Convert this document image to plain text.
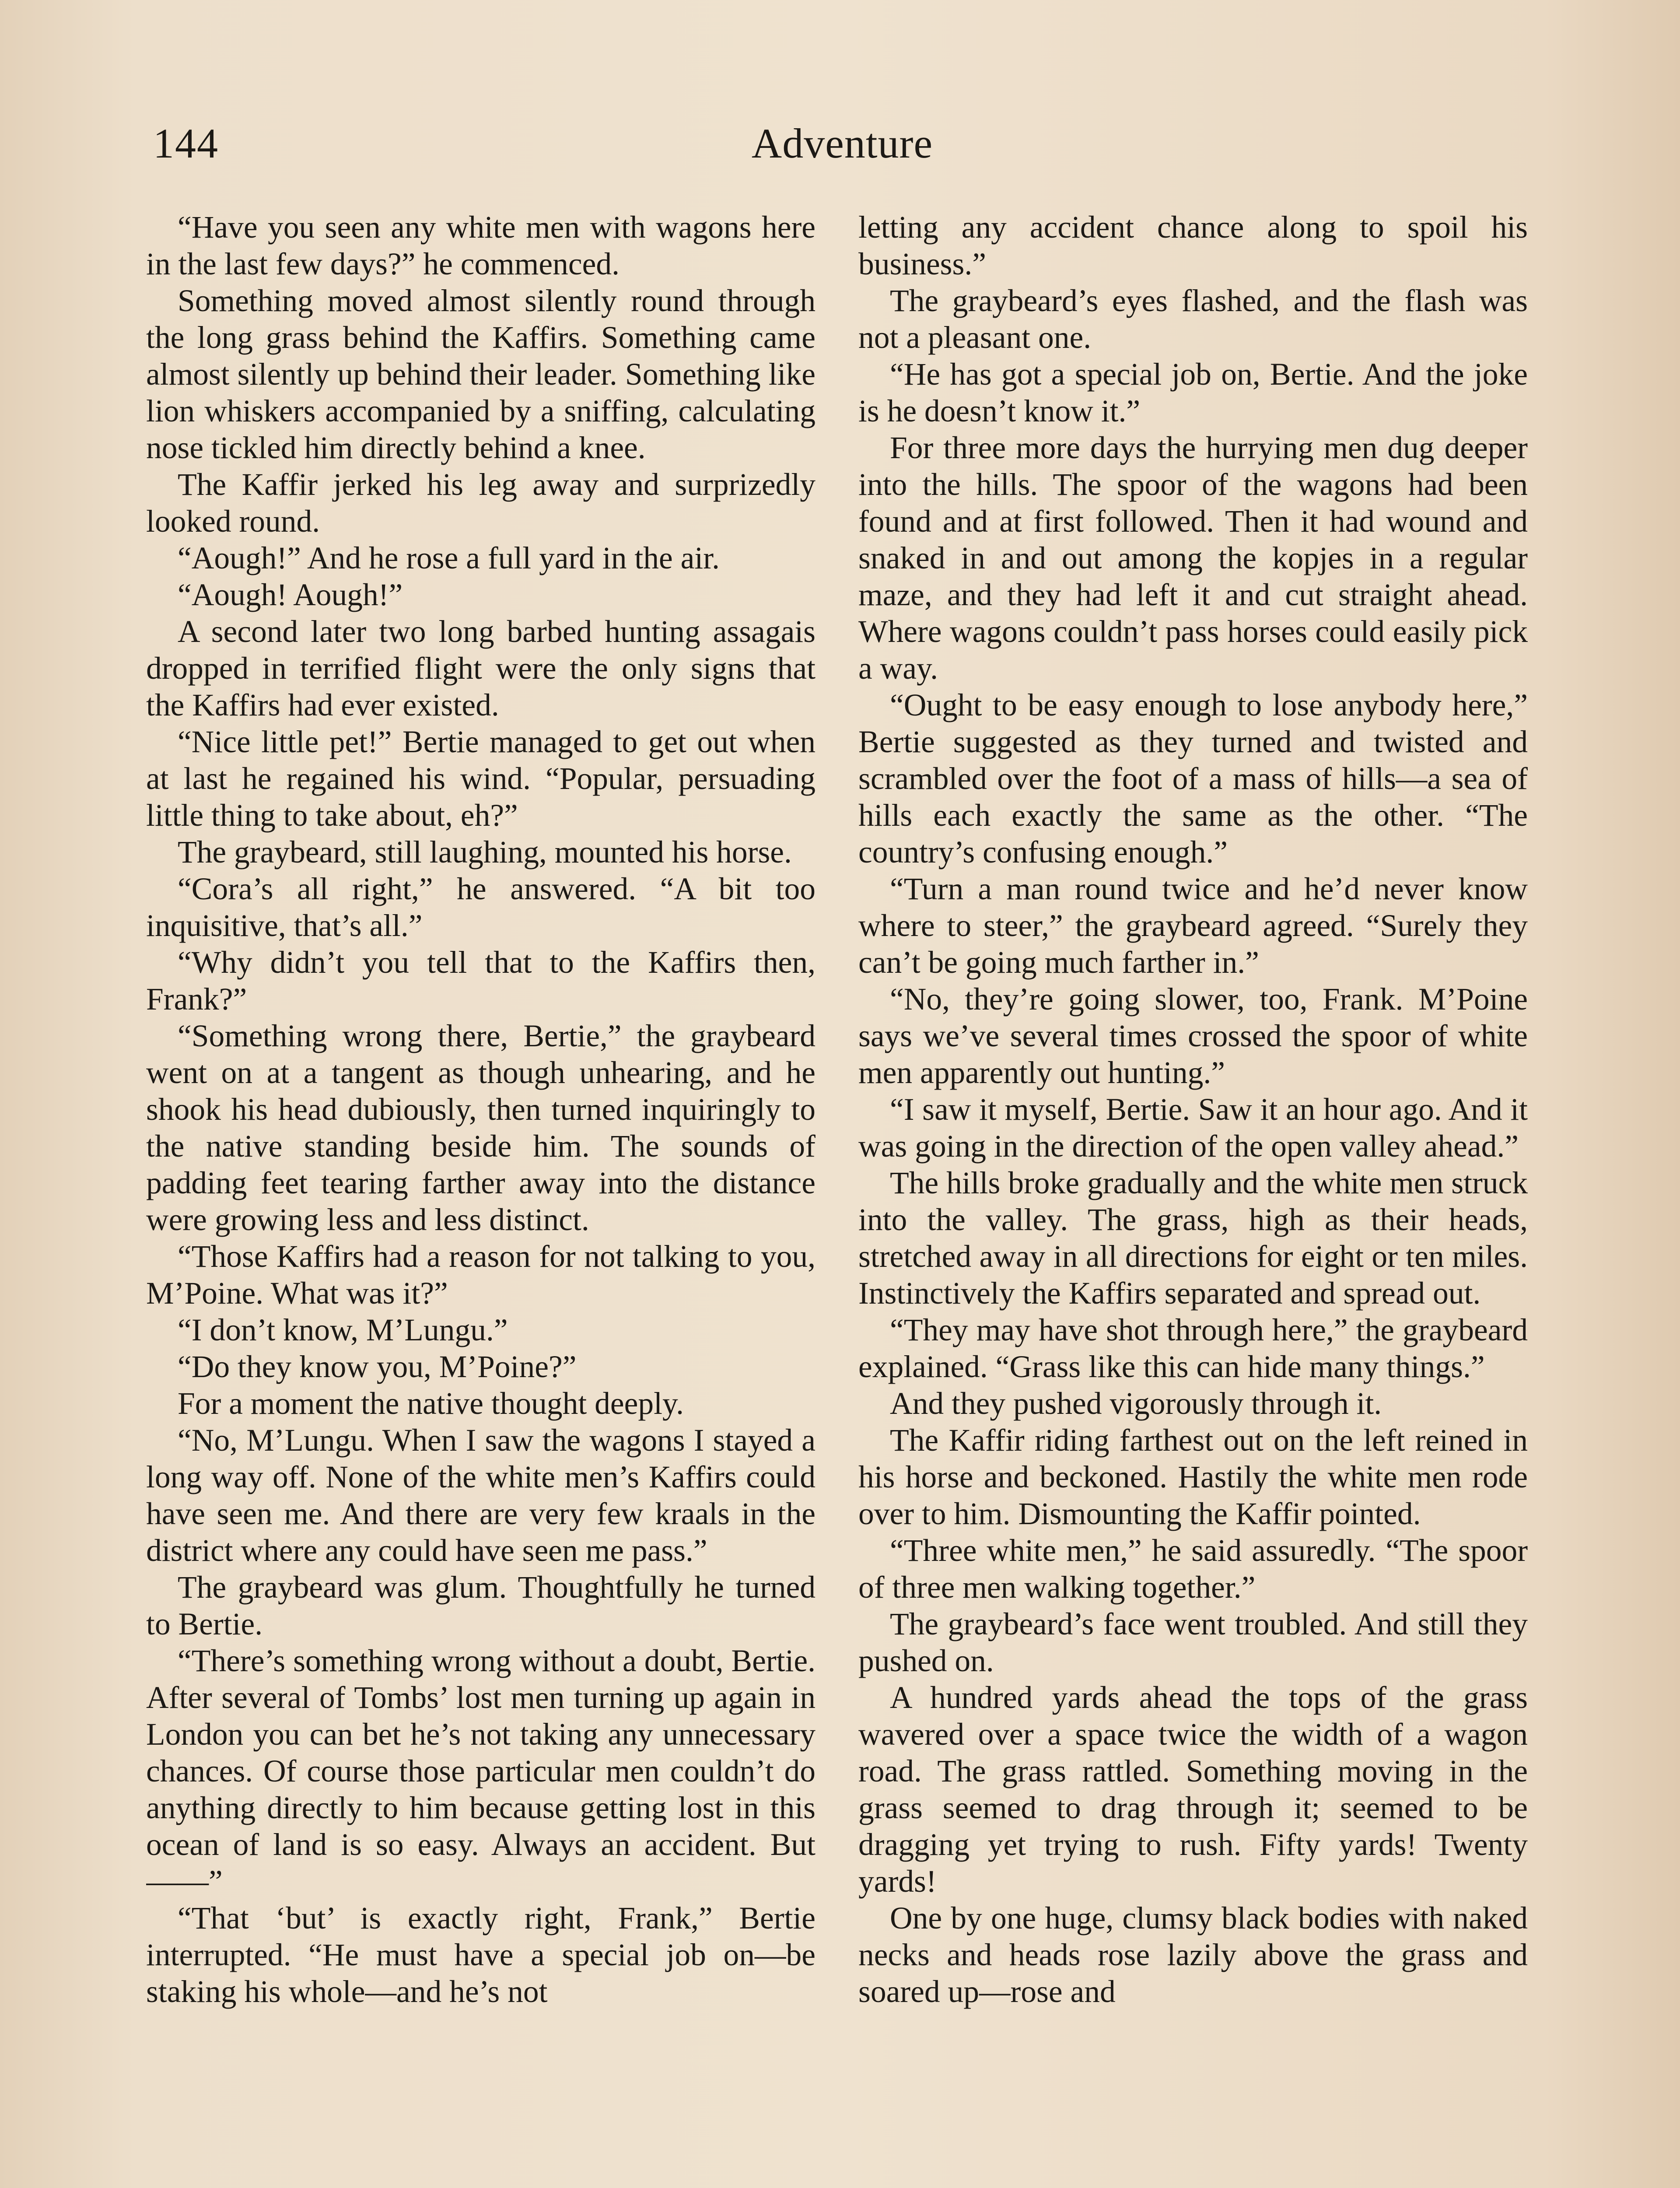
144	Adventure

“Have you seen any white men with wagons here in the last few days?” he commenced.

Something moved almost silently round through the long grass behind the Kaffirs. Something came almost silently up behind their leader. Something like lion whiskers accompanied by a sniffing, calculating nose tickled him directly behind a knee.

The Kaffir jerked his leg away and surprizedly looked round.

“Aough!” And he rose a full yard in the air.

“Aough! Aough!”

A second later two long barbed hunting assagais dropped in terrified flight were the only signs that the Kaffirs had ever existed.

“Nice little pet!” Bertie managed to get out when at last he regained his wind. “Popular, persuading little thing to take about, eh?”

The graybeard, still laughing, mounted his horse.

“Cora’s all right,” he answered. “A bit too inquisitive, that’s all.”

“Why didn’t you tell that to the Kaffirs then, Frank?”

“Something wrong there, Bertie,” the graybeard went on at a tangent as though unhearing, and he shook his head dubiously, then turned inquiringly to the native standing beside him. The sounds of padding feet tearing farther away into the distance were growing less and less distinct.

“Those Kaffirs had a reason for not talking to you, M’Poine. What was it?”

“I don’t know, M’Lungu.”

“Do they know you, M’Poine?”

For a moment the native thought deeply.

“No, M’Lungu. When I saw the wagons I stayed a long way off. None of the white men’s Kaffirs could have seen me. And there are very few kraals in the district where any could have seen me pass.”

The graybeard was glum. Thoughtfully he turned to Bertie.

“There’s something wrong without a doubt, Bertie. After several of Tombs’ lost men turning up again in London you can bet he’s not taking any unnecessary chances. Of course those particular men couldn’t do anything directly to him because getting lost in this ocean of land is so easy. Always an accident. But——”

“That ‘but’ is exactly right, Frank,” Bertie interrupted. “He must have a special job on—be staking his whole—and he’s not

letting any accident chance along to spoil his business.”

The graybeard’s eyes flashed, and the flash was not a pleasant one.

“He has got a special job on, Bertie. And the joke is he doesn’t know it.”

For three more days the hurrying men dug deeper into the hills. The spoor of the wagons had been found and at first followed. Then it had wound and snaked in and out among the kopjes in a regular maze, and they had left it and cut straight ahead. Where wagons couldn’t pass horses could easily pick a way.

“Ought to be easy enough to lose anybody here,” Bertie suggested as they turned and twisted and scrambled over the foot of a mass of hills—a sea of hills each exactly the same as the other. “The country’s confusing enough.”

“Turn a man round twice and he’d never know where to steer,” the graybeard agreed. “Surely they can’t be going much farther in.”

“No, they’re going slower, too, Frank. M’Poine says we’ve several times crossed the spoor of white men apparently out hunting.”

“I saw it myself, Bertie. Saw it an hour ago. And it was going in the direction of the open valley ahead.”

The hills broke gradually and the white men struck into the valley. The grass, high as their heads, stretched away in all directions for eight or ten miles. Instinctively the Kaffirs separated and spread out.

“They may have shot through here,” the graybeard explained. “Grass like this can hide many things.”

And they pushed vigorously through it.

The Kaffir riding farthest out on the left reined in his horse and beckoned. Hastily the white men rode over to him. Dismounting the Kaffir pointed.

“Three white men,” he said assuredly. “The spoor of three men walking together.”

The graybeard’s face went troubled. And still they pushed on.

A hundred yards ahead the tops of the grass wavered over a space twice the width of a wagon road. The grass rattled. Something moving in the grass seemed to drag through it; seemed to be dragging yet trying to rush. Fifty yards! Twenty yards!

One by one huge, clumsy black bodies with naked necks and heads rose lazily above the grass and soared up—rose and
